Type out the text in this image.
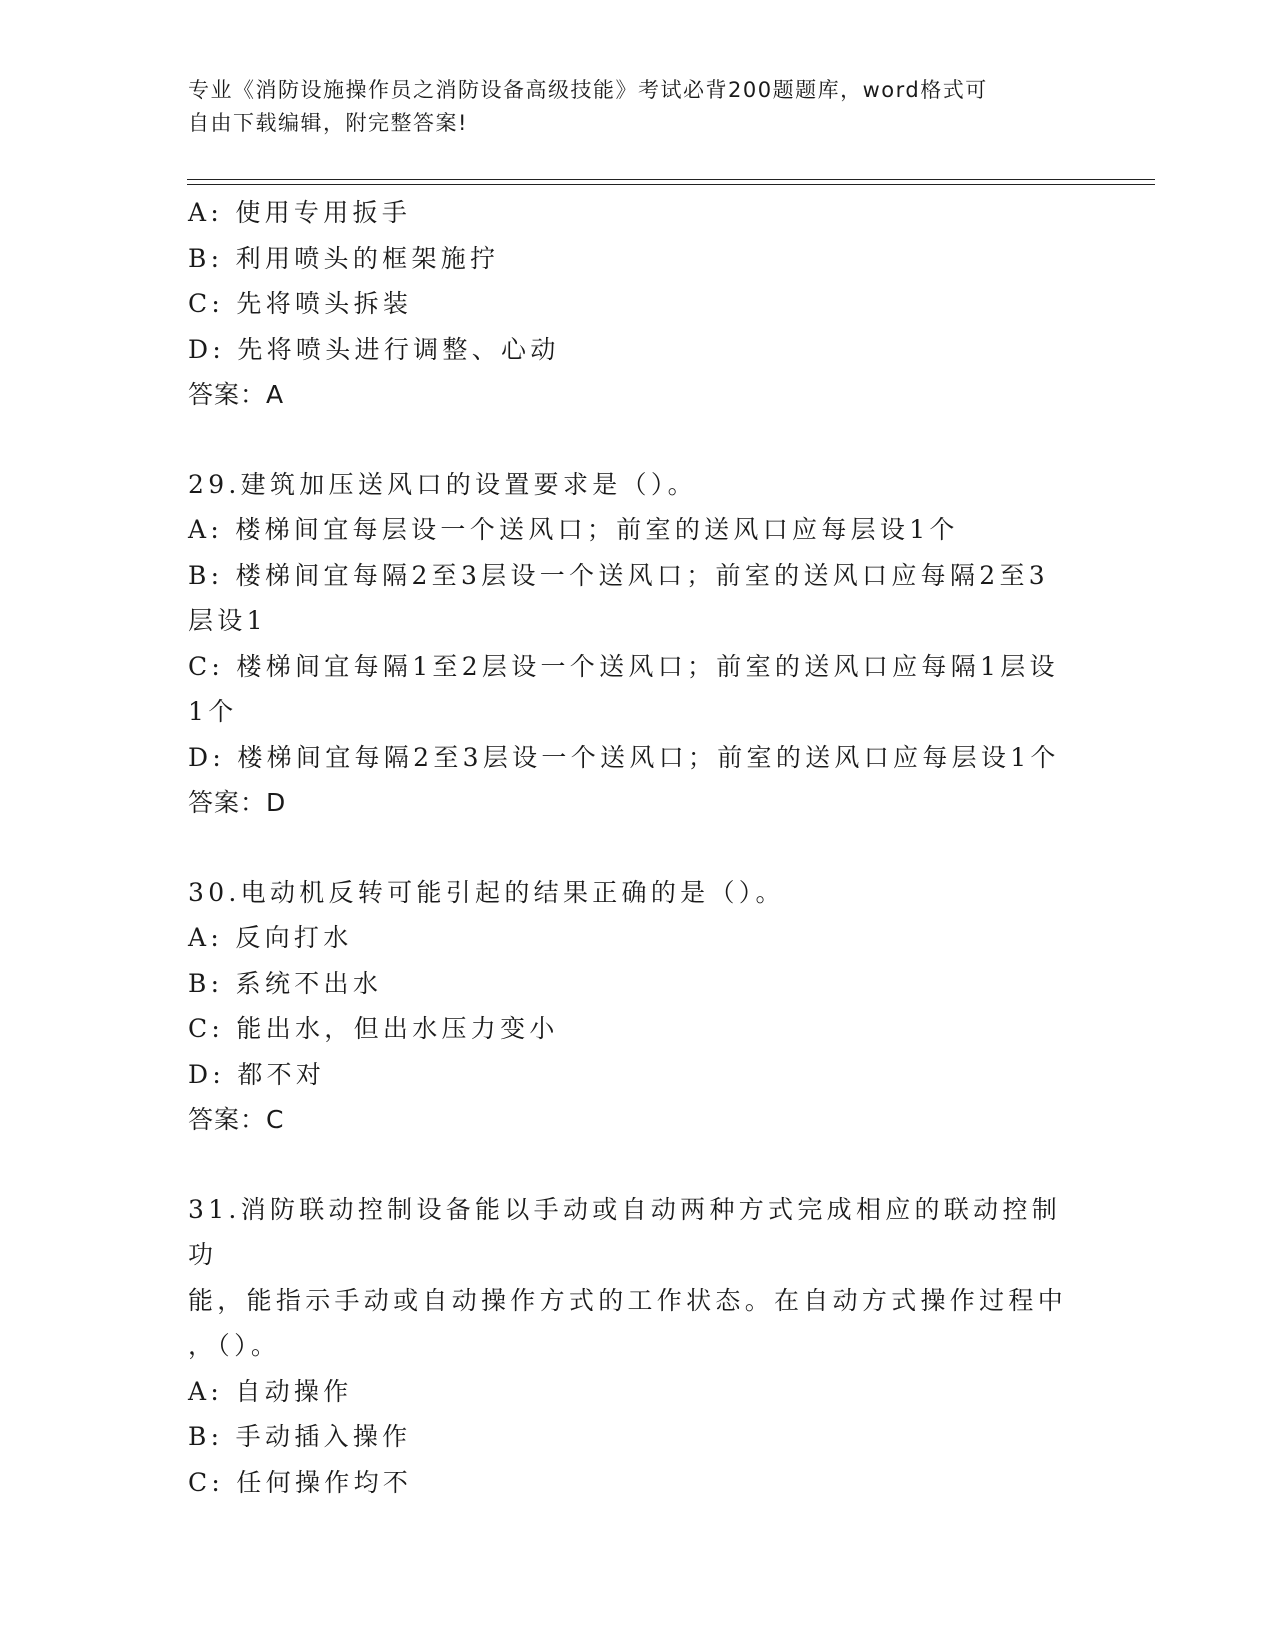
专业《消防设施操作员之消防设备高级技能》考试必背200题题库，word格式可
自由下载编辑，附完整答案!
A: 使用专用扳手
B: 利用喷头的框架施拧
C: 先将喷头拆装
D: 先将喷头进行调整、心动
答案：A
29.建筑加压送风口的设置要求是（）。
A: 楼梯间宜每层设一个送风口；前室的送风口应每层设1个
B: 楼梯间宜每隔2至3层设一个送风口；前室的送风口应每隔2至3
层设1
C: 楼梯间宜每隔1至2层设一个送风口；前室的送风口应每隔1层设
1个
D: 楼梯间宜每隔2至3层设一个送风口；前室的送风口应每层设1个
答案：D
30.电动机反转可能引起的结果正确的是（）。
A: 反向打水
B: 系统不出水
C: 能出水，但出水压力变小
D: 都不对
答案：C
31.消防联动控制设备能以手动或自动两种方式完成相应的联动控制功
能，能指示手动或自动操作方式的工作状态。在自动方式操作过程中
，（）。
A: 自动操作
B: 手动插入操作
C: 任何操作均不
